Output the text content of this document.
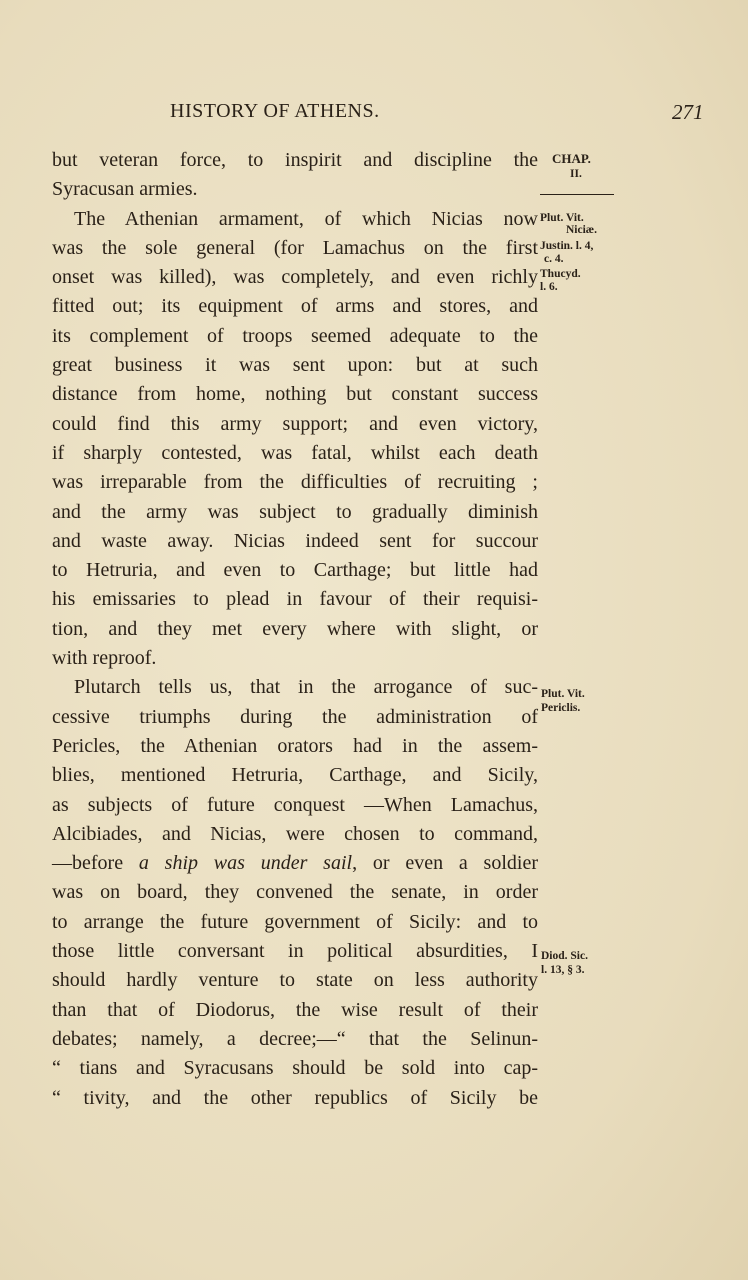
HISTORY OF ATHENS.	271
but veteran force, to inspirit and discipline the
Syracusan armies.
The Athenian armament, of which Nicias now
was the sole general (for Lamachus on the first
onset was killed), was completely, and even richly
fitted out; its equipment of arms and stores, and
its complement of troops seemed adequate to the
great business it was sent upon: but at such
distance from home, nothing but constant success
could find this army support; and even victory,
if sharply contested, was fatal, whilst each death
was irreparable from the difficulties of recruiting ;
and the army was subject to gradually diminish
and waste away. Nicias indeed sent for succour
to Hetruria, and even to Carthage; but little had
his emissaries to plead in favour of their requisi-
tion, and they met every where with slight, or
with reproof.
Plutarch tells us, that in the arrogance of suc-
cessive triumphs during the administration of
Pericles, the Athenian orators had in the assem-
blies, mentioned Hetruria, Carthage, and Sicily,
as subjects of future conquest —When Lamachus,
Alcibiades, and Nicias, were chosen to command,
—before a ship was under sail, or even a soldier
was on board, they convened the senate, in order
to arrange the future government of Sicily: and to
those little conversant in political absurdities, I
should hardly venture to state on less authority
than that of Diodorus, the wise result of their
debates; namely, a decree;—“ that the Selinun-
“ tians and Syracusans should be sold into cap-
“ tivity, and the other republics of Sicily be
CHAP.
II.
Plut. Vit.
Niciæ.
Justin. l. 4,
c. 4.
Thucyd.
l. 6.
Plut. Vit.
Periclis.
Diod. Sic.
l. 13, § 3.
